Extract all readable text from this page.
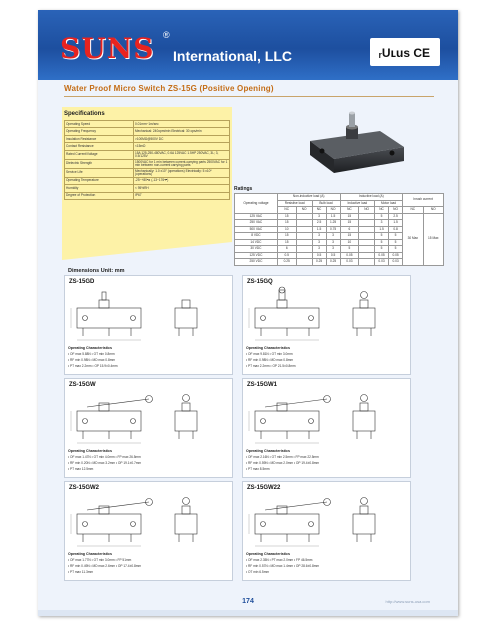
SUNS ®
International, LLC	ᵣUʟus CE
Water Proof Micro Switch ZS-15G (Positive Opening)
Specifications
Operating Speed	0.01mm~1m/sec
Operating Frequency	Mechanical: 240opm/min Electrical: 30 ops/min
Insulation Resistance	>100MΩ@500V DC
Contact Resistance	<15mΩ
Rated Current/Voltage	15A 125-250-480VAC, 0.6A 125VAC 1.5HP 250VAC, 3L; 3, 0.5/125V
Dielectric Strength	1500VAC for 1 min between current-carrying parts 2500VAC for 1 min between non-current carrying parts
Service Life	Mechanically: 1.0 x10⁷ (operations) Electrically: 5 x10⁵ (operations)
Operating Temperature	-25~+80℃ (-13~176℉)
Humidity	< 95%RH
Degree of Protection	IP67
Ratings
Operating voltage	Non-inductive load (A)				Inductive load (A)				Inrush current	
	Resistive load		Bulb load		Inductive load		Motor load			
	NC	NO	NC	NO	NC	NO	NC	NO	NC	NO
125 VAC	15		3	1.5	15		5	2.5	30 Max	15 Max
250 VAC	15		2.5	1.25	15		3	1.5		
500 VAC	10		1.5	0.75	6		1.5	0.8		
8 VDC	15		3	3	15		5	5		
14 VDC	15		3	3	10		5	5		
30 VDC	6		3	3	5		5	5		
125 VDC	0.5		0.5	0.5	0.05		0.05	0.05		
250 VDC	0.25		0.25	0.25	0.03		0.03	0.03		
Dimensions Unit: mm
ZS-15GD
Operating Characteristics
• OF max 5.88N • OT min 0.8mm
• RF min 0.98N • MD max 0.8mm
• PT max 2.2mm • OP 15.9±0.4mm
ZS-15GQ
Operating Characteristics
• OF max 9.81N • OT min 3.0mm
• RF min 0.98N • MD max 0.8mm
• PT max 2.2mm • OP 21.5±0.8mm
ZS-15GW
Operating Characteristics
• OF max 1.47N • OT min 4.0mm • FP max 26.5mm
• RF min 0.20N • MD max 3.2mm • OP 19.1±0.7mm
• PT max 12.5mm
ZS-15GW1
Operating Characteristics
• OF max 2.16N • OT min 2.5mm • FP max 22.5mm
• RF min 0.59N • MD max 2.0mm • OP 19.4±0.8mm
• PT max 8.5mm
ZS-15GW2
Operating Characteristics
• OF max 1.77N • OT min 3.0mm • FP 51mm
• RF min 0.49N • MD max 2.6mm • OP 17.4±0.8mm
• PT max 11.3mm
ZS-15GW22
Operating Characteristics
• OF max 2.35N • PT max 2.0mm • FP 46.5mm
• RF min 0.57N • MD max 1.4mm • OP 28.6±0.8mm
• OT min 6.5mm
174	http://www.suns-usa.com
